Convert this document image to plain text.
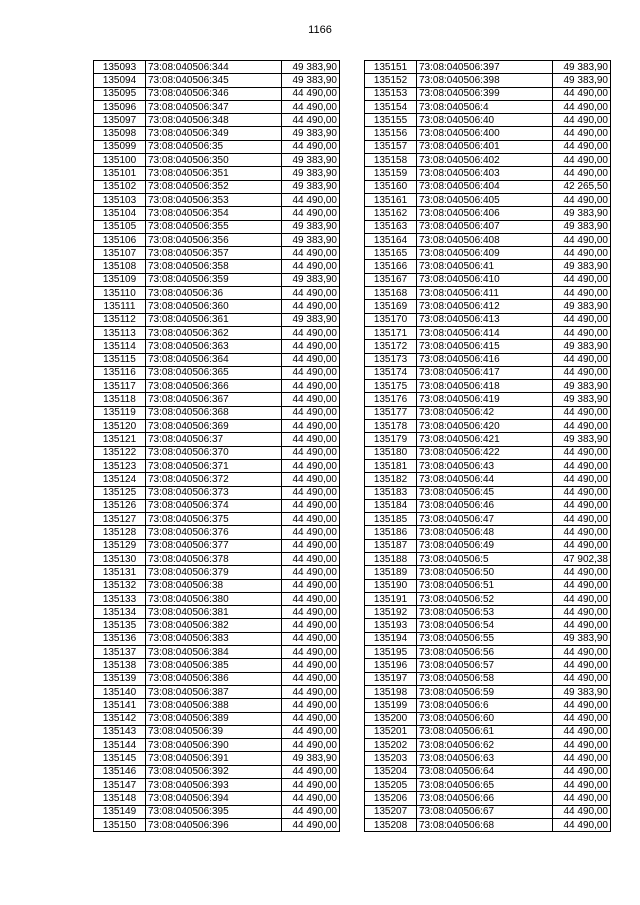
1166
135093	73:08:040506:344	49 383,90
135094	73:08:040506:345	49 383,90
135095	73:08:040506:346	44 490,00
135096	73:08:040506:347	44 490,00
135097	73:08:040506:348	44 490,00
135098	73:08:040506:349	49 383,90
135099	73:08:040506:35	44 490,00
135100	73:08:040506:350	49 383,90
135101	73:08:040506:351	49 383,90
135102	73:08:040506:352	49 383,90
135103	73:08:040506:353	44 490,00
135104	73:08:040506:354	44 490,00
135105	73:08:040506:355	49 383,90
135106	73:08:040506:356	49 383,90
135107	73:08:040506:357	44 490,00
135108	73:08:040506:358	44 490,00
135109	73:08:040506:359	49 383,90
135110	73:08:040506:36	44 490,00
135111	73:08:040506:360	44 490,00
135112	73:08:040506:361	49 383,90
135113	73:08:040506:362	44 490,00
135114	73:08:040506:363	44 490,00
135115	73:08:040506:364	44 490,00
135116	73:08:040506:365	44 490,00
135117	73:08:040506:366	44 490,00
135118	73:08:040506:367	44 490,00
135119	73:08:040506:368	44 490,00
135120	73:08:040506:369	44 490,00
135121	73:08:040506:37	44 490,00
135122	73:08:040506:370	44 490,00
135123	73:08:040506:371	44 490,00
135124	73:08:040506:372	44 490,00
135125	73:08:040506:373	44 490,00
135126	73:08:040506:374	44 490,00
135127	73:08:040506:375	44 490,00
135128	73:08:040506:376	44 490,00
135129	73:08:040506:377	44 490,00
135130	73:08:040506:378	44 490,00
135131	73:08:040506:379	44 490,00
135132	73:08:040506:38	44 490,00
135133	73:08:040506:380	44 490,00
135134	73:08:040506:381	44 490,00
135135	73:08:040506:382	44 490,00
135136	73:08:040506:383	44 490,00
135137	73:08:040506:384	44 490,00
135138	73:08:040506:385	44 490,00
135139	73:08:040506:386	44 490,00
135140	73:08:040506:387	44 490,00
135141	73:08:040506:388	44 490,00
135142	73:08:040506:389	44 490,00
135143	73:08:040506:39	44 490,00
135144	73:08:040506:390	44 490,00
135145	73:08:040506:391	49 383,90
135146	73:08:040506:392	44 490,00
135147	73:08:040506:393	44 490,00
135148	73:08:040506:394	44 490,00
135149	73:08:040506:395	44 490,00
135150	73:08:040506:396	44 490,00
135151	73:08:040506:397	49 383,90
135152	73:08:040506:398	49 383,90
135153	73:08:040506:399	44 490,00
135154	73:08:040506:4	44 490,00
135155	73:08:040506:40	44 490,00
135156	73:08:040506:400	44 490,00
135157	73:08:040506:401	44 490,00
135158	73:08:040506:402	44 490,00
135159	73:08:040506:403	44 490,00
135160	73:08:040506:404	42 265,50
135161	73:08:040506:405	44 490,00
135162	73:08:040506:406	49 383,90
135163	73:08:040506:407	49 383,90
135164	73:08:040506:408	44 490,00
135165	73:08:040506:409	44 490,00
135166	73:08:040506:41	49 383,90
135167	73:08:040506:410	44 490,00
135168	73:08:040506:411	44 490,00
135169	73:08:040506:412	49 383,90
135170	73:08:040506:413	44 490,00
135171	73:08:040506:414	44 490,00
135172	73:08:040506:415	49 383,90
135173	73:08:040506:416	44 490,00
135174	73:08:040506:417	44 490,00
135175	73:08:040506:418	49 383,90
135176	73:08:040506:419	49 383,90
135177	73:08:040506:42	44 490,00
135178	73:08:040506:420	44 490,00
135179	73:08:040506:421	49 383,90
135180	73:08:040506:422	44 490,00
135181	73:08:040506:43	44 490,00
135182	73:08:040506:44	44 490,00
135183	73:08:040506:45	44 490,00
135184	73:08:040506:46	44 490,00
135185	73:08:040506:47	44 490,00
135186	73:08:040506:48	44 490,00
135187	73:08:040506:49	44 490,00
135188	73:08:040506:5	47 902,38
135189	73:08:040506:50	44 490,00
135190	73:08:040506:51	44 490,00
135191	73:08:040506:52	44 490,00
135192	73:08:040506:53	44 490,00
135193	73:08:040506:54	44 490,00
135194	73:08:040506:55	49 383,90
135195	73:08:040506:56	44 490,00
135196	73:08:040506:57	44 490,00
135197	73:08:040506:58	44 490,00
135198	73:08:040506:59	49 383,90
135199	73:08:040506:6	44 490,00
135200	73:08:040506:60	44 490,00
135201	73:08:040506:61	44 490,00
135202	73:08:040506:62	44 490,00
135203	73:08:040506:63	44 490,00
135204	73:08:040506:64	44 490,00
135205	73:08:040506:65	44 490,00
135206	73:08:040506:66	44 490,00
135207	73:08:040506:67	44 490,00
135208	73:08:040506:68	44 490,00
